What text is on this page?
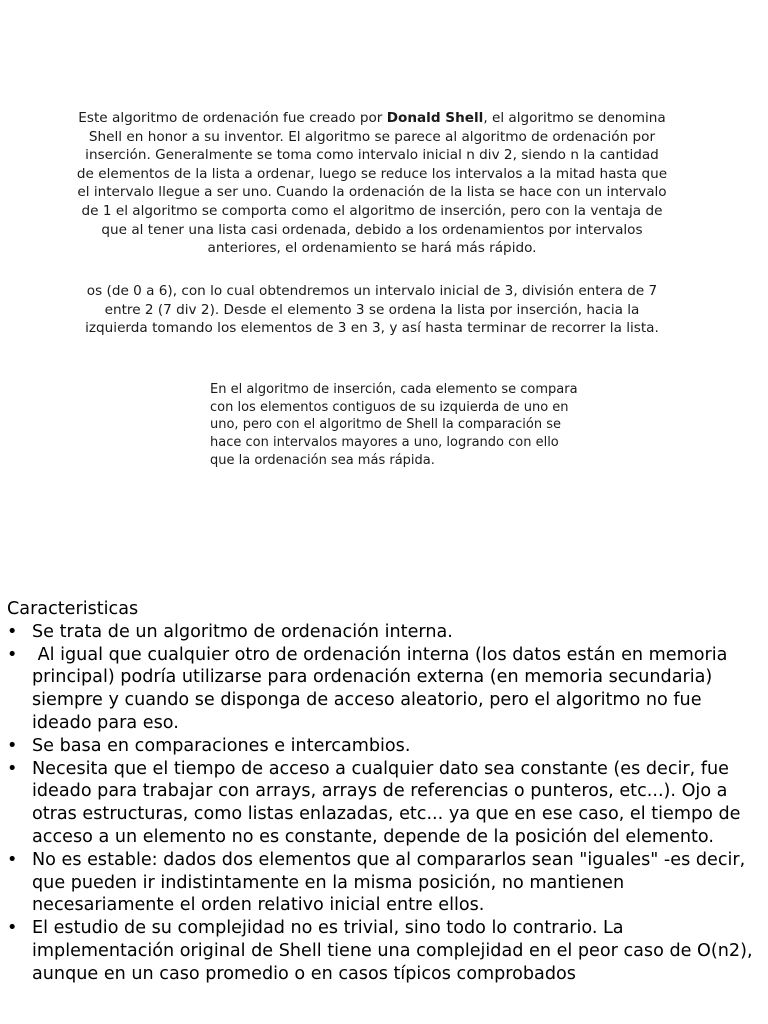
Este algoritmo de ordenación fue creado por Donald Shell, el algoritmo se denomina Shell en honor a su inventor. El algoritmo se parece al algoritmo de ordenación por inserción. Generalmente se toma como intervalo inicial n div 2, siendo n la cantidad de elementos de la lista a ordenar, luego se reduce los intervalos a la mitad hasta que el intervalo llegue a ser uno. Cuando la ordenación de la lista se hace con un intervalo de 1 el algoritmo se comporta como el algoritmo de inserción, pero con la ventaja de que al tener una lista casi ordenada, debido a los ordenamientos por intervalos anteriores, el ordenamiento se hará más rápido.

os (de 0 a 6), con lo cual obtendremos un intervalo inicial de 3, división entera de 7 entre 2 (7 div 2). Desde el elemento 3 se ordena la lista por inserción, hacia la izquierda tomando los elementos de 3 en 3, y así hasta terminar de recorrer la lista.

En el algoritmo de inserción, cada elemento se compara con los elementos contiguos de su izquierda de uno en uno, pero con el algoritmo de Shell la comparación se hace con intervalos mayores a uno, logrando con ello que la ordenación sea más rápida.

Caracteristicas
• Se trata de un algoritmo de ordenación interna.
• Al igual que cualquier otro de ordenación interna (los datos están en memoria principal) podría utilizarse para ordenación externa (en memoria secundaria) siempre y cuando se disponga de acceso aleatorio, pero el algoritmo no fue ideado para eso.
• Se basa en comparaciones e intercambios.
• Necesita que el tiempo de acceso a cualquier dato sea constante (es decir, fue ideado para trabajar con arrays, arrays de referencias o punteros, etc...). Ojo a otras estructuras, como listas enlazadas, etc... ya que en ese caso, el tiempo de acceso a un elemento no es constante, depende de la posición del elemento.
• No es estable: dados dos elementos que al compararlos sean "iguales" -es decir, que pueden ir indistintamente en la misma posición, no mantienen necesariamente el orden relativo inicial entre ellos.
• El estudio de su complejidad no es trivial, sino todo lo contrario. La implementación original de Shell tiene una complejidad en el peor caso de O(n2), aunque en un caso promedio o en casos típicos comprobados
